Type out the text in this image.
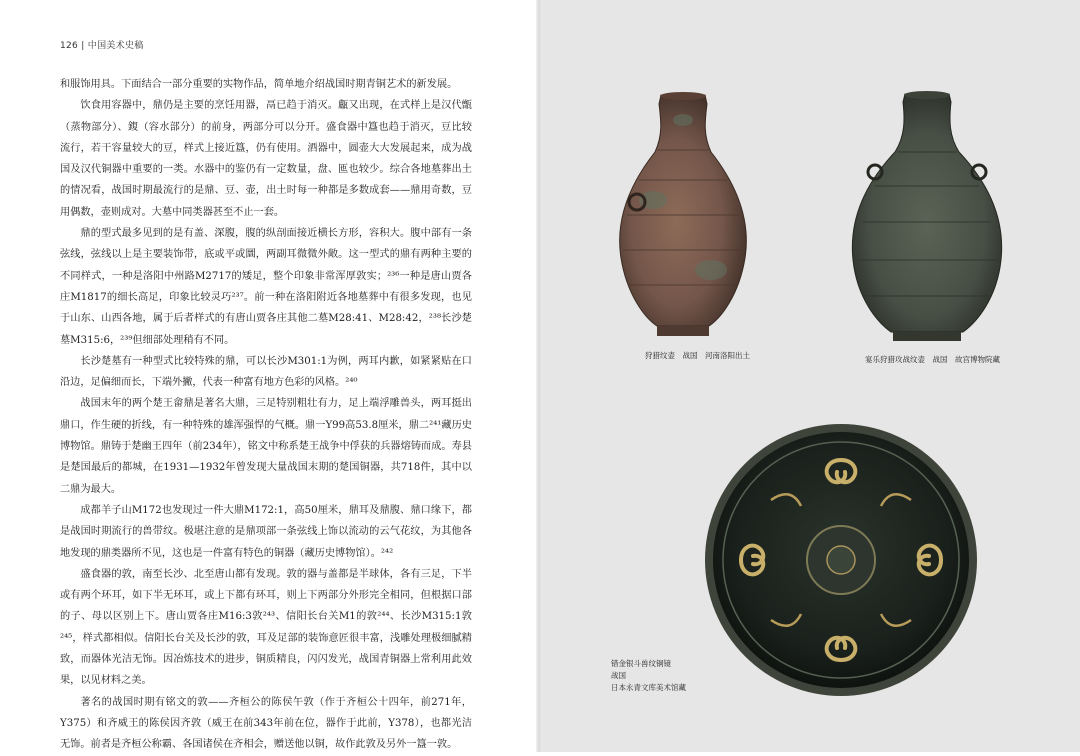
126 | 中国美术史稿

和服饰用具。下面结合一部分重要的实物作品，简单地介绍战国时期青铜艺术的新发展。

饮食用容器中，鼎仍是主要的烹饪用器，鬲已趋于消灭。甗又出现，在式样上是汉代甑（蒸物部分）、鍑（容水部分）的前身，两部分可以分开。盛食器中簋也趋于消灭，豆比较流行，若干容量较大的豆，样式上接近簋，仍有使用。酒器中，圆壶大大发展起来，成为战国及汉代铜器中重要的一类。水器中的鉴仍有一定数量，盘、匜也较少。综合各地墓葬出土的情况看，战国时期最流行的是鼎、豆、壶，出土时每一种都是多数成套——鼎用奇数，豆用偶数，壶则成对。大墓中同类器甚至不止一套。

鼎的型式最多见到的是有盖、深腹，腹的纵剖面接近横长方形，容积大。腹中部有一条弦线，弦线以上是主要装饰带，底或平或圜，两副耳微微外敞。这一型式的鼎有两种主要的不同样式，一种是洛阳中州路M2717的矮足，整个印象非常浑厚敦实；²³⁶一种是唐山贾各庄M1817的细长高足，印象比较灵巧²³⁷。前一种在洛阳附近各地墓葬中有很多发现，也见于山东、山西各地，属于后者样式的有唐山贾各庄其他二墓M28:41、M28:42，²³⁸长沙楚墓M315:6，²³⁹但细部处理稍有不同。

长沙楚墓有一种型式比较特殊的鼎，可以长沙M301:1为例，两耳内歉，如紧紧贴在口沿边，足偏细而长，下端外撇，代表一种富有地方色彩的风格。²⁴⁰

战国末年的两个楚王畲鼎是著名大鼎，三足特别粗壮有力，足上端浮雕兽头，两耳挺出鼎口，作生硬的折线，有一种特殊的雄浑强悍的气概。鼎一Y99高53.8厘米，鼎二²⁴¹藏历史博物馆。鼎铸于楚幽王四年（前234年），铭文中称系楚王战争中俘获的兵器熔铸而成。寿县是楚国最后的都城，在1931—1932年曾发现大量战国末期的楚国铜器，共718件，其中以二鼎为最大。

成都羊子山M172也发现过一件大鼎M172:1，高50厘米，鼎耳及鼎腹、鼎口缘下，都是战国时期流行的兽带纹。极堪注意的是鼎项部一条弦线上饰以流动的云气花纹，为其他各地发现的鼎类器所不见，这也是一件富有特色的铜器（藏历史博物馆）。²⁴²

盛食器的敦，南至长沙、北至唐山都有发现。敦的器与盖都是半球体，各有三足，下半或有两个环耳，如下半无环耳，或上下都有环耳，则上下两部分外形完全相同，但根据口部的子、母以区别上下。唐山贾各庄M16:3敦²⁴³、信阳长台关M1的敦²⁴⁴、长沙M315:1敦²⁴⁵，样式都相似。信阳长台关及长沙的敦，耳及足部的装饰意匠很丰富，浅雕处理极细腻精致，而器体光洁无饰。因冶炼技术的进步，铜质精良，闪闪发光，战国青铜器上常利用此效果，以见材料之美。

著名的战国时期有铭文的敦——齐桓公的陈侯午敦（作于齐桓公十四年，前271年，Y375）和齐威王的陈侯因齐敦（威王在前343年前在位，器作于此前，Y378），也都光洁无饰。前者是齐桓公称霸、各国诸侯在齐相会，赠送他以铜，故作此敦及另外一簋一敦。

狩猎纹壶　战国　河南洛阳出土	宴乐狩猎攻战纹壶　战国　故宫博物院藏
错金银斗兽纹铜镜
战国
日本永青文库美术馆藏
